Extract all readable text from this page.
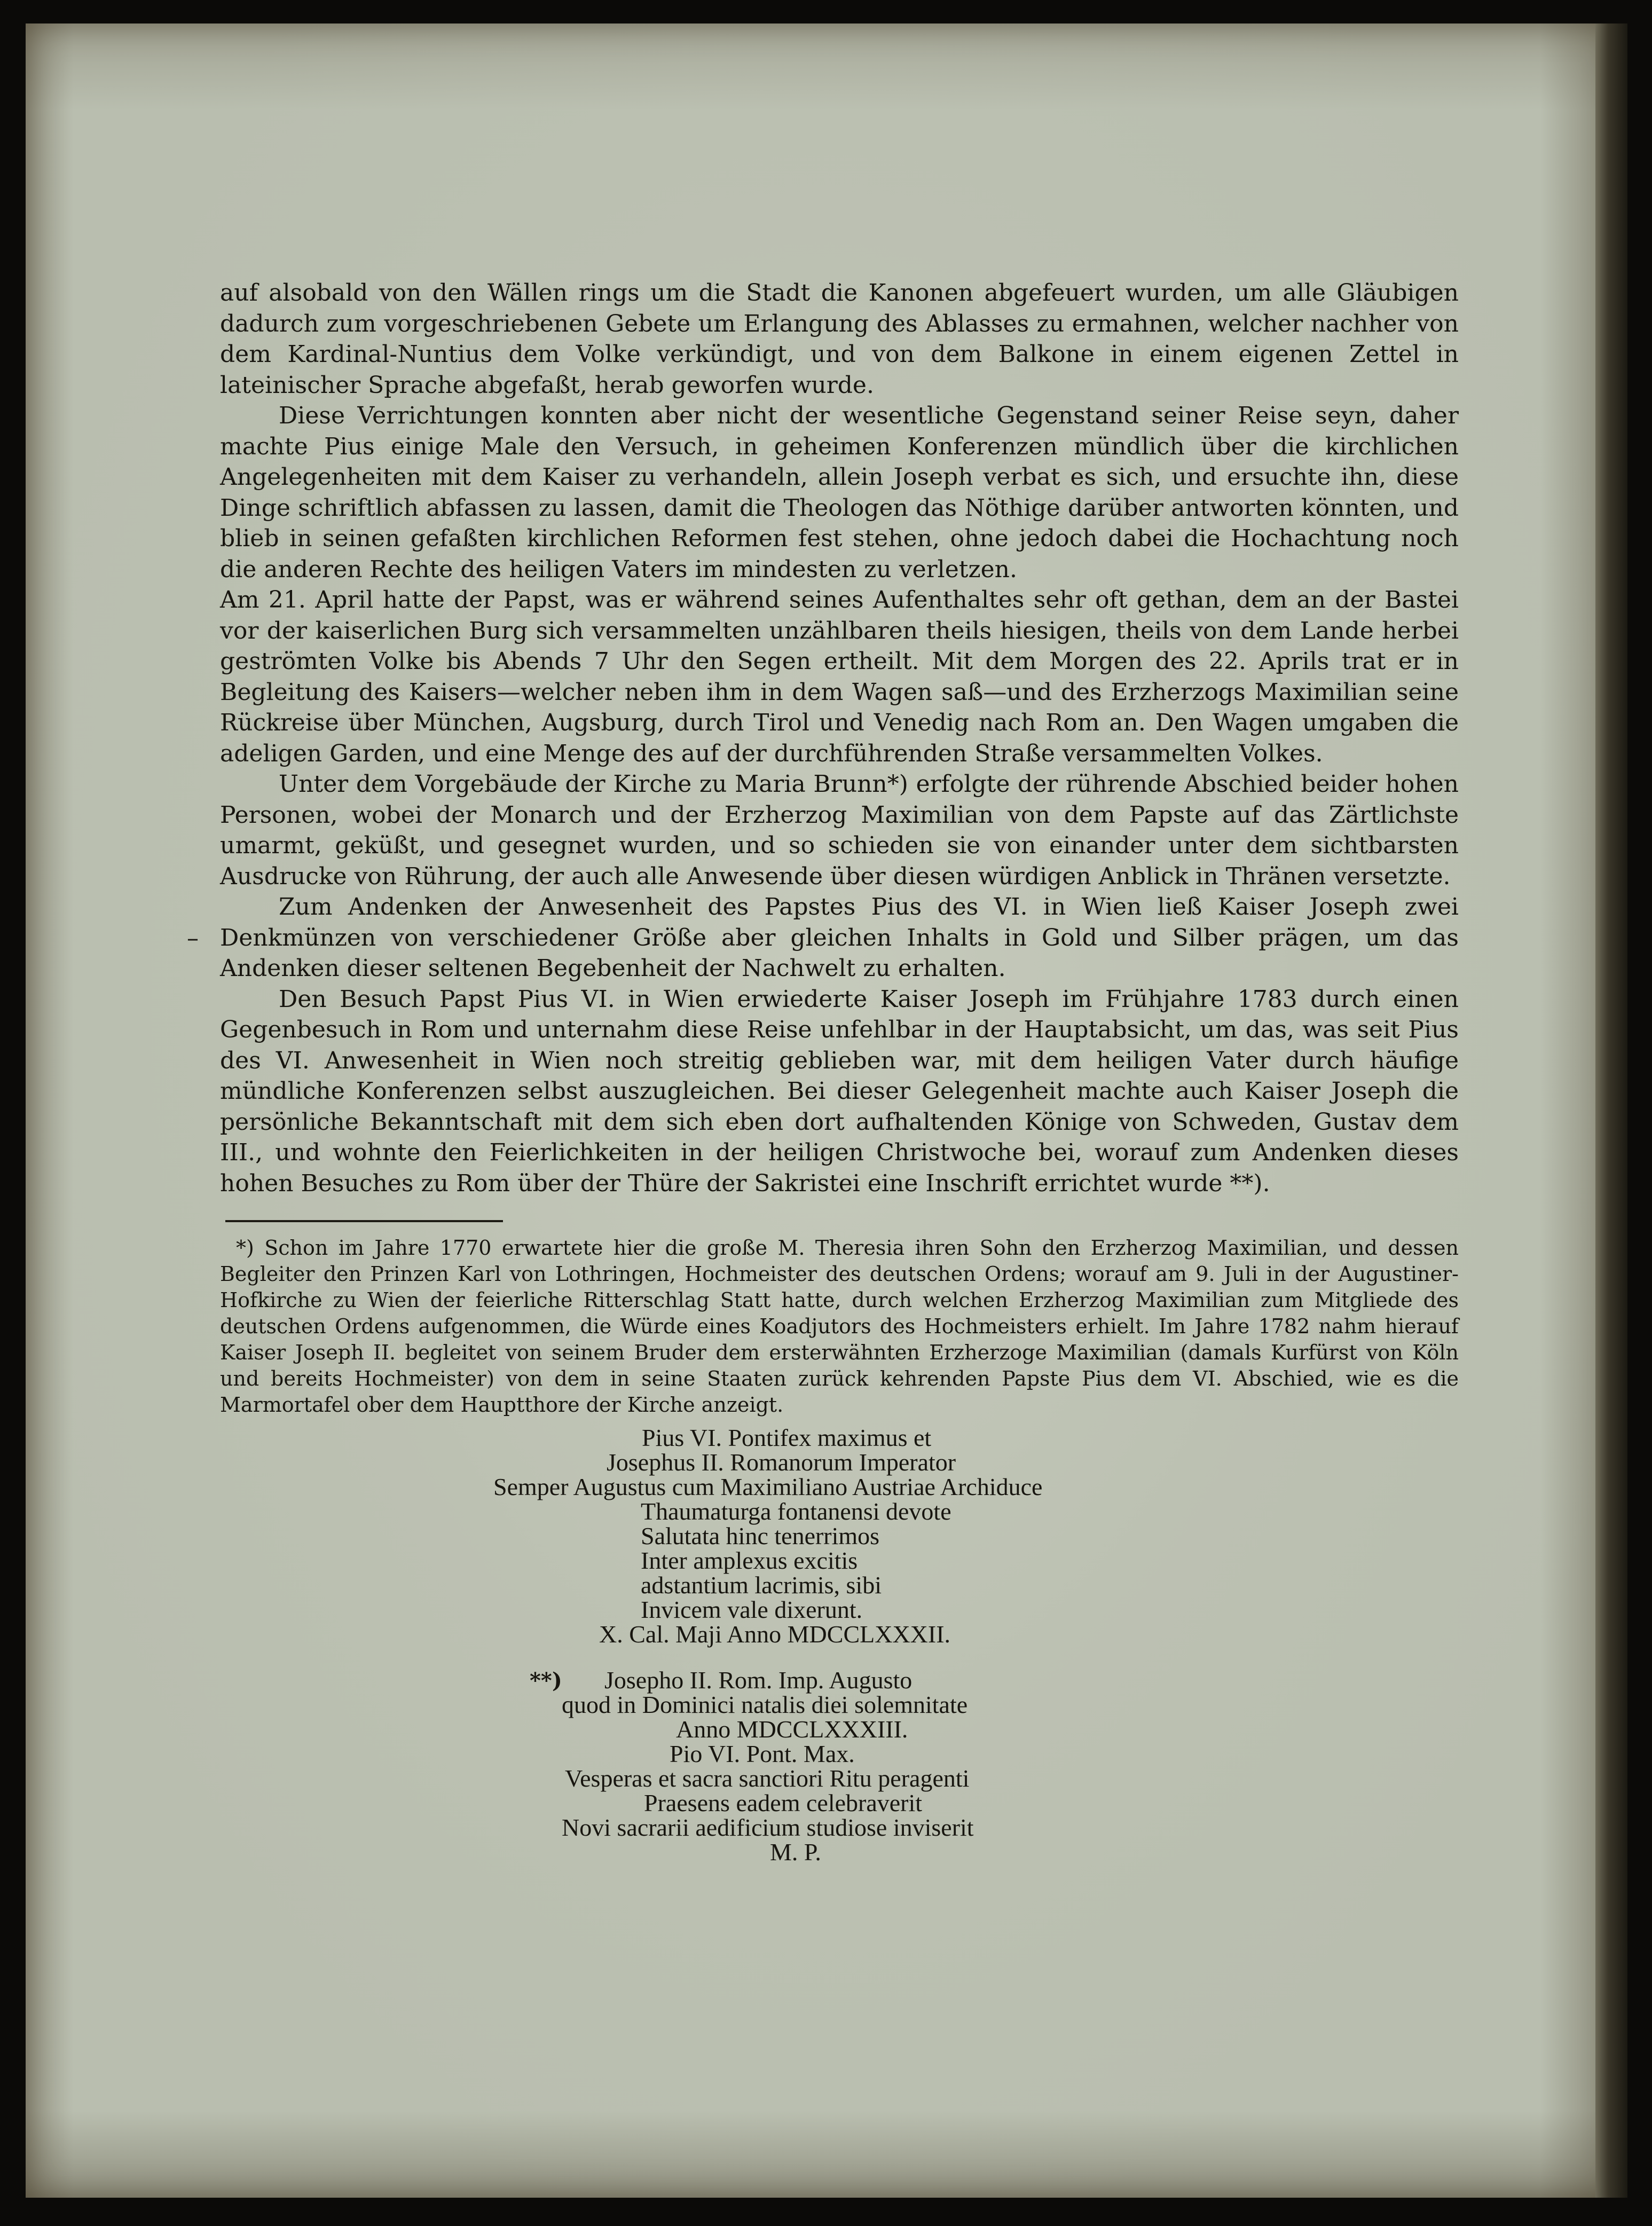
auf alsobald von den Wällen rings um die Stadt die Kanonen abgefeuert wurden, um alle Gläubigen dadurch zum vorgeschriebenen Gebete um Erlangung des Ablasses zu ermahnen, welcher nachher von dem Kardinal-Nuntius dem Volke verkündigt, und von dem Balkone in einem eigenen Zettel in lateinischer Sprache abgefaßt, herab geworfen wurde.

Diese Verrichtungen konnten aber nicht der wesentliche Gegenstand seiner Reise seyn, daher machte Pius einige Male den Versuch, in geheimen Konferenzen mündlich über die kirchlichen Angelegenheiten mit dem Kaiser zu verhandeln, allein Joseph verbat es sich, und ersuchte ihn, diese Dinge schriftlich abfassen zu lassen, damit die Theologen das Nöthige darüber antworten könnten, und blieb in seinen gefaßten kirchlichen Reformen fest stehen, ohne jedoch dabei die Hochachtung noch die anderen Rechte des heiligen Vaters im mindesten zu verletzen.

Am 21. April hatte der Papst, was er während seines Aufenthaltes sehr oft gethan, dem an der Bastei vor der kaiserlichen Burg sich versammelten unzählbaren theils hiesigen, theils von dem Lande herbei geströmten Volke bis Abends 7 Uhr den Segen ertheilt. Mit dem Morgen des 22. Aprils trat er in Begleitung des Kaisers—welcher neben ihm in dem Wagen saß—und des Erzherzogs Maximilian seine Rückreise über München, Augsburg, durch Tirol und Venedig nach Rom an. Den Wagen umgaben die adeligen Garden, und eine Menge des auf der durchführenden Straße versammelten Volkes.

Unter dem Vorgebäude der Kirche zu Maria Brunn*) erfolgte der rührende Abschied beider hohen Personen, wobei der Monarch und der Erzherzog Maximilian von dem Papste auf das Zärtlichste umarmt, geküßt, und gesegnet wurden, und so schieden sie von einander unter dem sichtbarsten Ausdrucke von Rührung, der auch alle Anwesende über diesen würdigen Anblick in Thränen versetzte.

–

Zum Andenken der Anwesenheit des Papstes Pius des VI. in Wien ließ Kaiser Joseph zwei Denkmünzen von verschiedener Größe aber gleichen Inhalts in Gold und Silber prägen, um das Andenken dieser seltenen Begebenheit der Nachwelt zu erhalten.

Den Besuch Papst Pius VI. in Wien erwiederte Kaiser Joseph im Frühjahre 1783 durch einen Gegenbesuch in Rom und unternahm diese Reise unfehlbar in der Hauptabsicht, um das, was seit Pius des VI. Anwesenheit in Wien noch streitig geblieben war, mit dem heiligen Vater durch häufige mündliche Konferenzen selbst auszugleichen. Bei dieser Gelegenheit machte auch Kaiser Joseph die persönliche Bekanntschaft mit dem sich eben dort aufhaltenden Könige von Schweden, Gustav dem III., und wohnte den Feierlichkeiten in der heiligen Christwoche bei, worauf zum Andenken dieses hohen Besuches zu Rom über der Thüre der Sakristei eine Inschrift errichtet wurde **).

*) Schon im Jahre 1770 erwartete hier die große M. Theresia ihren Sohn den Erzherzog Maximilian, und dessen Begleiter den Prinzen Karl von Lothringen, Hochmeister des deutschen Ordens; worauf am 9. Juli in der Augustiner-Hofkirche zu Wien der feierliche Ritterschlag Statt hatte, durch welchen Erzherzog Maximilian zum Mitgliede des deutschen Ordens aufgenommen, die Würde eines Koadjutors des Hochmeisters erhielt. Im Jahre 1782 nahm hierauf Kaiser Joseph II. begleitet von seinem Bruder dem ersterwähnten Erzherzoge Maximilian (damals Kurfürst von Köln und bereits Hochmeister) von dem in seine Staaten zurück kehrenden Papste Pius dem VI. Abschied, wie es die Marmortafel ober dem Hauptthore der Kirche anzeigt.

Pius VI. Pontifex maximus et
Josephus II. Romanorum Imperator
Semper Augustus cum Maximiliano Austriae Archiduce
Thaumaturga fontanensi devote
Salutata hinc tenerrimos
Inter amplexus excitis
adstantium lacrimis, sibi
Invicem vale dixerunt.
X. Cal. Maji Anno MDCCLXXXII.
**) Josepho II. Rom. Imp. Augusto
quod in Dominici natalis diei solemnitate
Anno MDCCLXXXIII.
Pio VI. Pont. Max.
Vesperas et sacra sanctiori Ritu peragenti
Praesens eadem celebraverit
Novi sacrarii aedificium studiose inviserit
M. P.
